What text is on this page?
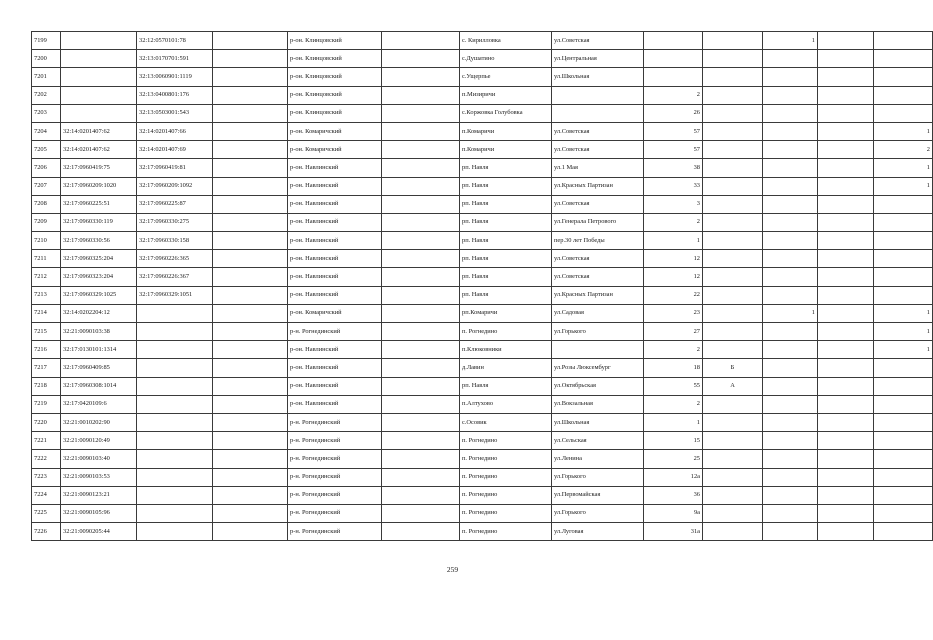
7199		32:12:0570101:78		р-он. Клинцовский		с. Кирилловка	ул.Советская			1		
7200		32:13:0170701:591		р-он. Клинцовский		с.Душатино	ул.Центральная					
7201		32:13:0060901:1119		р-он. Клинцовский		с.Ущерпье	ул.Школьная					
7202		32:13:0400801:176		р-он. Клинцовский		п.Мизиричи		2				
7203		32:13:0503001:543		р-он. Клинцовский		с.Коржовка Голубовка		26				
7204	32:14:0201407:62	32:14:0201407:66		р-он. Комаричский		п.Комаричи	ул.Советская	57				1
7205	32:14:0201407:62	32:14:0201407:69		р-он. Комаричский		п.Комаричи	ул.Советская	57				2
7206	32:17:0960419:75	32:17:0960419:81		р-он. Навлинский		рп. Навля	ул.1 Мая	38				1
7207	32:17:0960209:1020	32:17:0960209:1092		р-он. Навлинский		рп. Навля	ул.Красных Партизан	33				1
7208	32:17:0960225:51	32:17:0960225:87		р-он. Навлинский		рп. Навля	ул.Советская	3				
7209	32:17:0960330:119	32:17:0960330:275		р-он. Навлинский		рп. Навля	ул.Генерала Петрового	2				
7210	32:17:0960330:56	32:17:0960330:158		р-он. Навлинский		рп. Навля	пер.30 лет Победы	1				
7211	32:17:0960325:204	32:17:0960226:365		р-он. Навлинский		рп. Навля	ул.Советская	12				
7212	32:17:0960323:204	32:17:0960226:367		р-он. Навлинский		рп. Навля	ул.Советская	12				
7213	32:17:0960329:1025	32:17:0960329:1051		р-он. Навлинский		рп. Навля	ул.Красных Партизан	22				
7214	32:14:0202204:12			р-он. Комаричский		рп.Комаричи	ул.Садовая	23		1		1
7215	32:21:0090103:38			р-н. Рогнединский		п. Рогнедино	ул.Горького	27				1
7216	32:17:0130101:1314			р-он. Навлинский		п.Клюковники		2				1
7217	32:17:0960409:85			р-он. Навлинский		д.Лавин	ул.Розы Люксембург	18	Б			
7218	32:17:0960308:1014			р-он. Навлинский		рп. Навля	ул.Октябрьская	55	А			
7219	32:17:0420109:6			р-он. Навлинский		п.Алтухово	ул.Вокзальная	2				
7220	32:21:0010202:90			р-н. Рогнединский		с.Осовик	ул.Школьная	1				
7221	32:21:0090120:49			р-н. Рогнединский		п. Рогнедино	ул.Сельская	15				
7222	32:21:0090103:40			р-н. Рогнединский		п. Рогнедино	ул.Ленина	25				
7223	32:21:0090103:53			р-н. Рогнединский		п. Рогнедино	ул.Горького	12а				
7224	32:21:0090123:21			р-н. Рогнединский		п. Рогнедино	ул.Первомайская	36				
7225	32:21:0090105:96			р-н. Рогнединский		п. Рогнедино	ул.Горького	9а				
7226	32:21:0090205:44			р-н. Рогнединский		п. Рогнедино	ул.Луговая	31а				
259
